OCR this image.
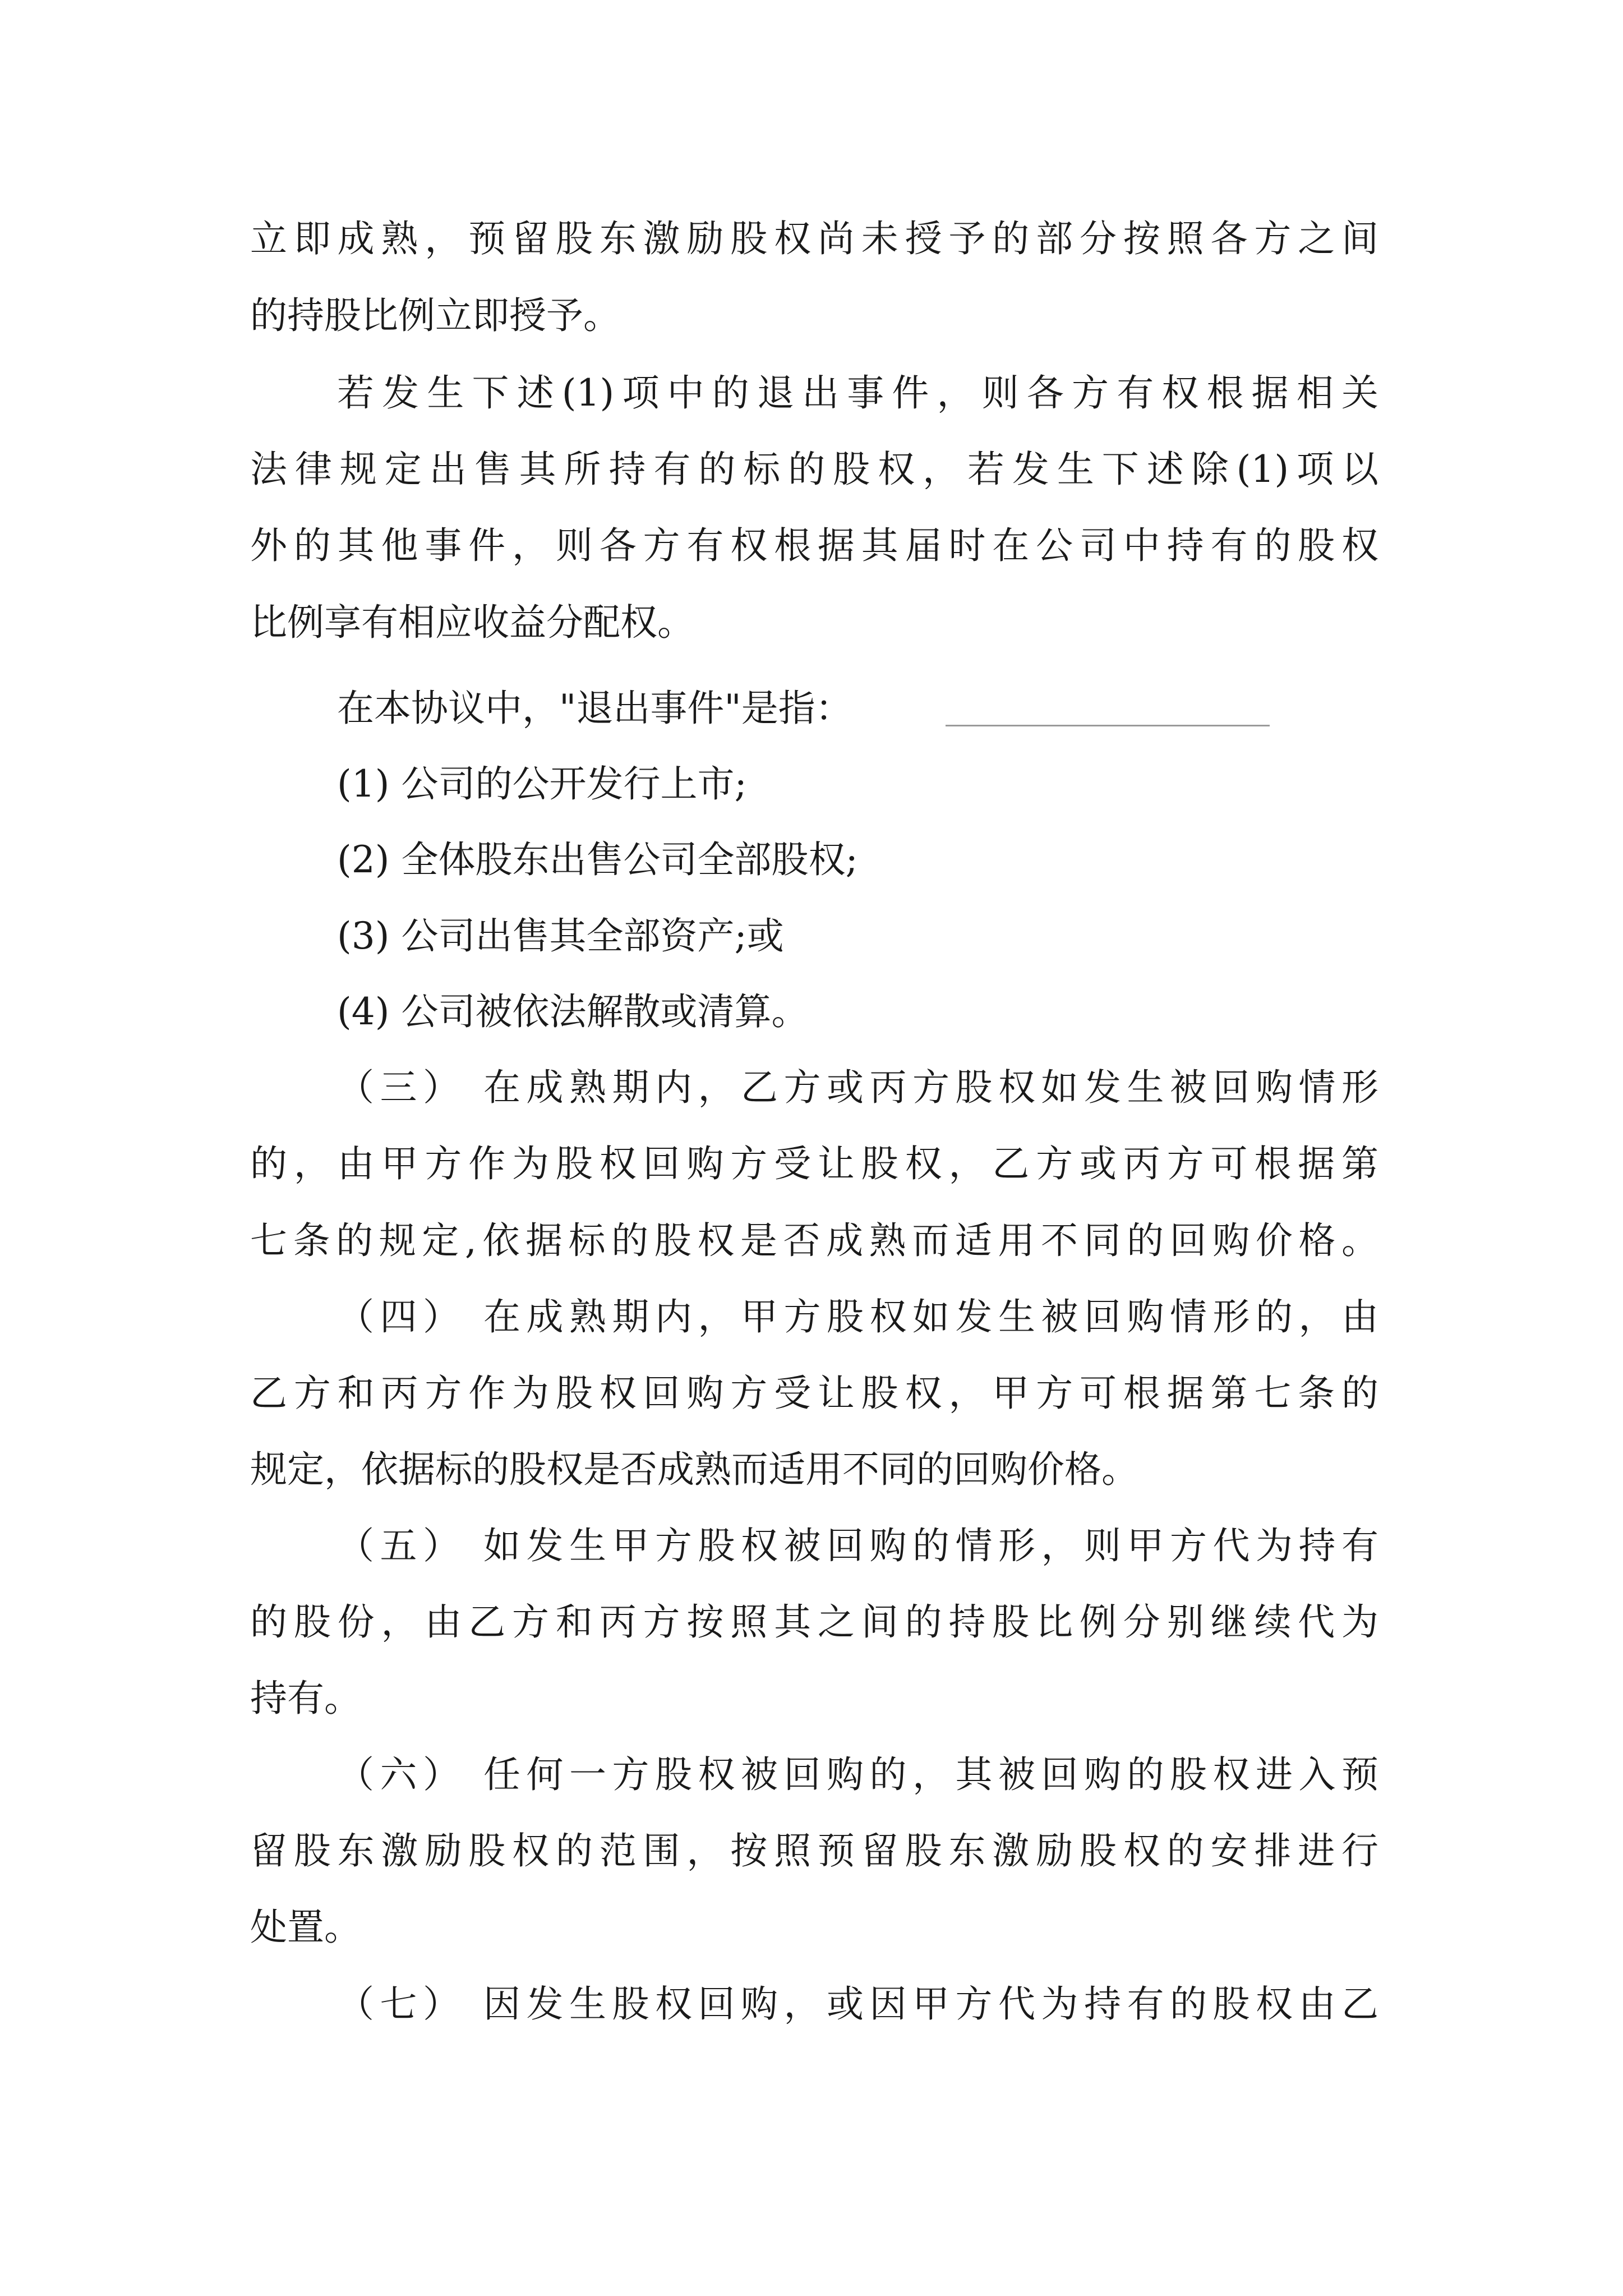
立即成熟，预留股东激励股权尚未授予的部分按照各方之间
的持股比例立即授予。
若发生下述(1)项中的退出事件，则各方有权根据相关
法律规定出售其所持有的标的股权，若发生下述除(1)项以
外的其他事件，则各方有权根据其届时在公司中持有的股权
比例享有相应收益分配权。
在本协议中，"退出事件"是指：
(1) 公司的公开发行上市;
(2) 全体股东出售公司全部股权;
(3) 公司出售其全部资产;或
(4) 公司被依法解散或清算。
（三） 在成熟期内，乙方或丙方股权如发生被回购情形
的，由甲方作为股权回购方受让股权，乙方或丙方可根据第
七条的规定,依据标的股权是否成熟而适用不同的回购价格。
（四） 在成熟期内，甲方股权如发生被回购情形的，由
乙方和丙方作为股权回购方受让股权，甲方可根据第七条的
规定，依据标的股权是否成熟而适用不同的回购价格。
（五） 如发生甲方股权被回购的情形，则甲方代为持有
的股份，由乙方和丙方按照其之间的持股比例分别继续代为
持有。
（六） 任何一方股权被回购的，其被回购的股权进入预
留股东激励股权的范围，按照预留股东激励股权的安排进行
处置。
（七） 因发生股权回购，或因甲方代为持有的股权由乙
